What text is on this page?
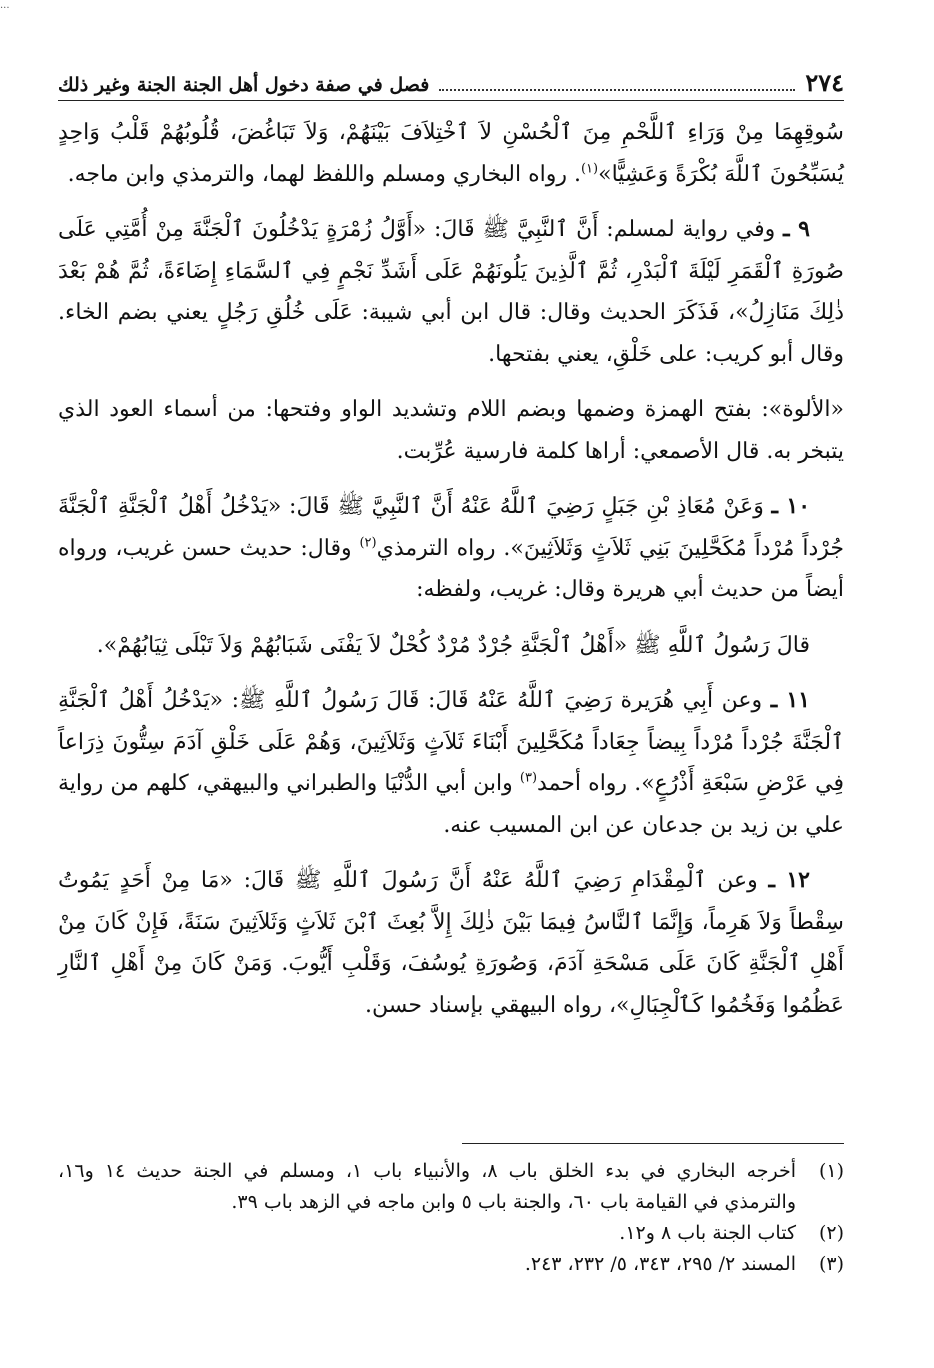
...
٢٧٤
فصل في صفة دخول أهل الجنة الجنة وغير ذلك

سُوقِهِمَا مِنْ وَرَاءِ ٱللَّحْمِ مِنَ ٱلْحُسْنِ لاَ ٱخْتِلاَفَ بَيْنَهُمْ، وَلاَ تَبَاغُضَ، قُلُوبُهُمْ قَلْبُ وَاحِدٍ يُسَبِّحُونَ ٱللَّهَ بُكْرَةً وَعَشِيًّا»$^{(١)}$. رواه البخاري ومسلم واللفظ لهما، والترمذي وابن ماجه.

٩ ـ وفي رواية لمسلم: أَنَّ ٱلنَّبِيَّ ﷺ قَالَ: «أَوَّلُ زُمْرَةٍ يَدْخُلُونَ ٱلْجَنَّةَ مِنْ أُمَّتِي عَلَى صُورَةِ ٱلْقَمَرِ لَيْلَةَ ٱلْبَدْرِ، ثُمَّ ٱلَّذِينَ يَلُونَهُمْ عَلَى أَشَدِّ نَجْمٍ فِي ٱلسَّمَاءِ إِضَاءَةً، ثُمَّ هُمْ بَعْدَ ذٰلِكَ مَنَازِلُ»، فَذَكَرَ الحديث وقال: قال ابن أبي شيبة: عَلَى خُلُقِ رَجُلٍ يعني بضم الخاء. وقال أبو كريب: على خَلْقِ، يعني بفتحها.

«الألوة»: بفتح الهمزة وضمها وبضم اللام وتشديد الواو وفتحها: من أسماء العود الذي يتبخر به. قال الأصمعي: أراها كلمة فارسية عُرِّبت.

١٠ ـ وَعَنْ مُعَاذِ بْنِ جَبَلٍ رَضِيَ ٱللَّهُ عَنْهُ أَنَّ ٱلنَّبِيَّ ﷺ قَالَ: «يَدْخُلُ أَهْلُ ٱلْجَنَّةِ ٱلْجَنَّةَ جُرْداً مُرْداً مُكَحَّلِينَ بَنِي ثَلاَثٍ وَثَلاَثِينَ». رواه الترمذي$^{(٢)}$ وقال: حديث حسن غريب، ورواه أيضاً من حديث أبي هريرة وقال: غريب، ولفظه:

قالَ رَسُولُ ٱللَّهِ ﷺ «أَهْلُ ٱلْجَنَّةِ جُرْدٌ مُرْدٌ كُحْلٌ لاَ يَفْنَى شَبَابُهُمْ وَلاَ تَبْلَى ثِيَابُهُمْ».

١١ ـ وعن أَبِي هُرَيرة رَضِيَ ٱللَّهُ عَنْهُ قَالَ: قَالَ رَسُولُ ٱللَّهِ ﷺ: «يَدْخُلُ أَهْلُ ٱلْجَنَّةِ ٱلْجَنَّةَ جُرْداً مُرْداً بِيضاً جِعَاداً مُكَحَّلِينَ أَبْنَاءَ ثَلاَثٍ وَثَلاَثِينَ، وَهُمْ عَلَى خَلْقِ آدَمَ سِتُّونَ ذِرَاعاً فِي عَرْضِ سَبْعَةِ أَذْرُعٍ». رواه أحمد$^{(٣)}$ وابن أبي الدُّنْيَا والطبراني والبيهقي، كلهم من رواية علي بن زيد بن جدعان عن ابن المسيب عنه.

١٢ ـ وعن ٱلْمِقْدَامِ رَضِيَ ٱللَّهُ عَنْهُ أَنَّ رَسُولَ ٱللَّهِ ﷺ قَالَ: «مَا مِنْ أَحَدٍ يَمُوتُ سِقْطاً وَلاَ هَرِماً، وَإِنَّمَا ٱلنَّاسُ فِيمَا بَيْنَ ذٰلِكَ إِلاَّ بُعِثَ ٱبْنَ ثَلاَثٍ وَثَلاَثِينَ سَنَةً، فَإِنْ كَانَ مِنْ أَهْلِ ٱلْجَنَّةِ كَانَ عَلَى مَسْحَةِ آدَمَ، وَصُورَةِ يُوسُفَ، وَقَلْبِ أَيُّوبَ. وَمَنْ كَانَ مِنْ أَهْلِ ٱلنَّارِ عَظُمُوا وَفَخُمُوا كَٱلْجِبَالِ»، رواه البيهقي بإسناد حسن.

(١)
أخرجه البخاري في بدء الخلق باب ٨، والأنبياء باب ١، ومسلم في الجنة حديث ١٤ و١٦، والترمذي في القيامة باب ٦٠، والجنة باب ٥ وابن ماجه في الزهد باب ٣٩.
(٢)
كتاب الجنة باب ٨ و١٢.
(٣)
المسند ٢/ ٢٩٥، ٣٤٣، ٥/ ٢٣٢، ٢٤٣.
